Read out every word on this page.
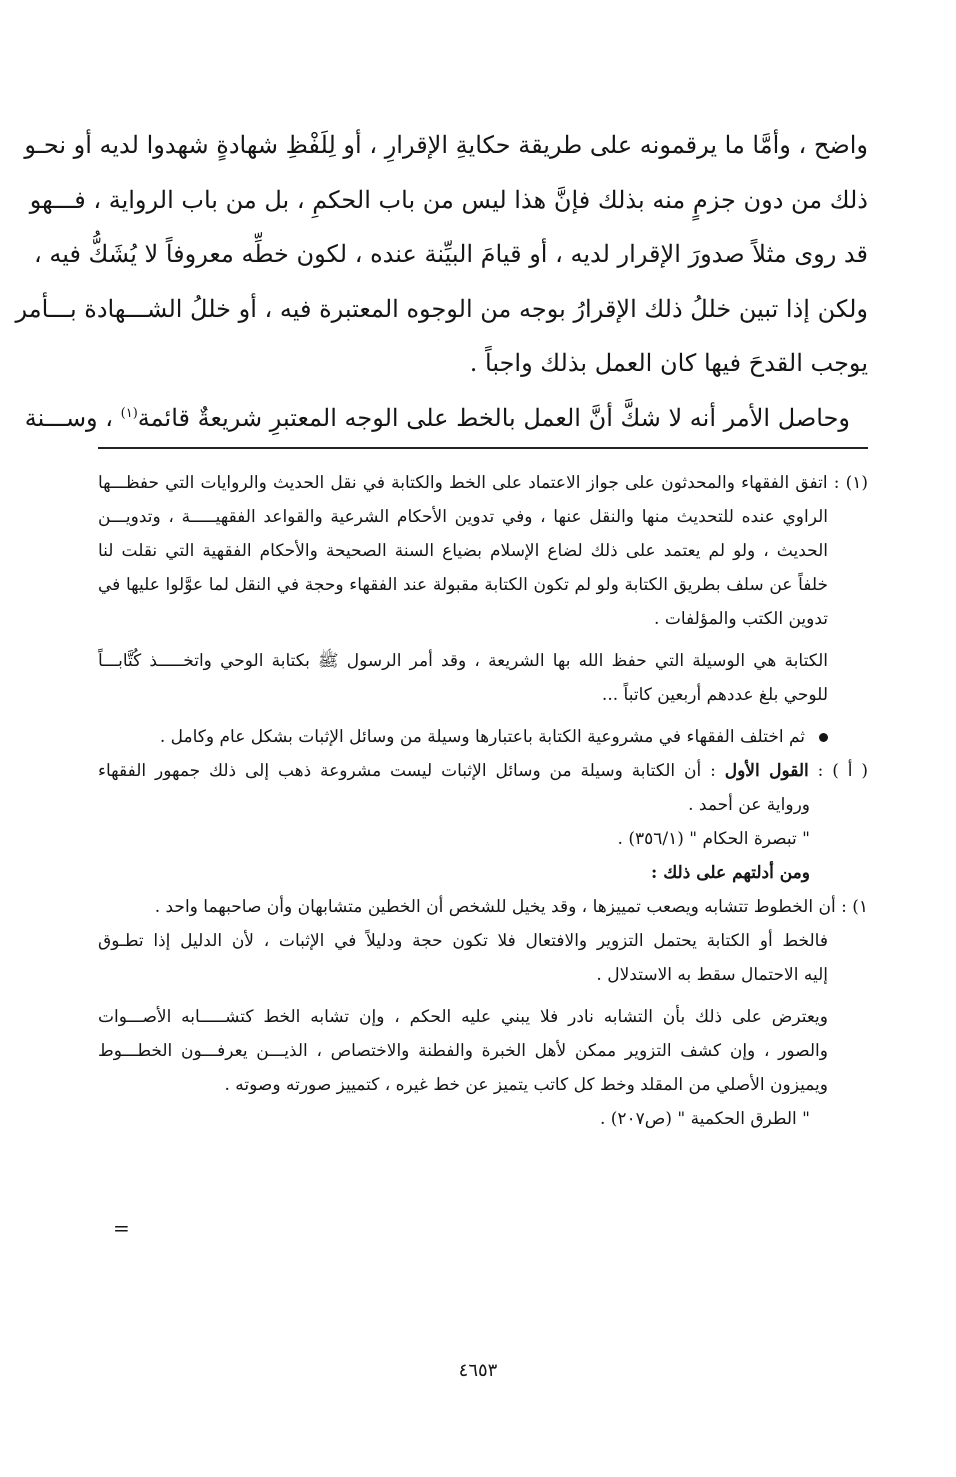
واضح ، وأمَّا ما يرقمونه على طريقة حكايةِ الإقرارِ ، أو لِلَفْظِ شهادةٍ شهدوا لديه أو نحـو
ذلك من دون جزمٍ منه بذلك فإنَّ هذا ليس من باب الحكمِ ، بل من باب الرواية ، فـــهو
قد روى مثلاً صدورَ الإقرار لديه ، أو قيامَ البيِّنة عنده ، لكون خطِّه معروفاً لا يُشَكُّ فيه ،
ولكن إذا تبين خللُ ذلك الإقرارُ بوجه من الوجوه المعتبرة فيه ، أو خللُ الشـــهادة بـــأمر
يوجب القدحَ فيها كان العمل بذلك واجباً .
وحاصل الأمر أنه لا شكَّ أنَّ العمل بالخط على الوجه المعتبرِ شريعةٌ قائمة$^{(١)}$ ، وســـنة
(١) : اتفق الفقهاء والمحدثون على جواز الاعتماد على الخط والكتابة في نقل الحديث والروايات التي حفظـــها
الراوي عنده للتحديث منها والنقل عنها ، وفي تدوين الأحكام الشرعية والقواعد الفقهيـــــة ، وتدويـــن
الحديث ، ولو لم يعتمد على ذلك لضاع الإسلام بضياع السنة الصحيحة والأحكام الفقهية التي نقلت لنا
خلفاً عن سلف بطريق الكتابة ولو لم تكون الكتابة مقبولة عند الفقهاء وحجة في النقل لما عوَّلوا عليها في
تدوين الكتب والمؤلفات .
الكتابة هي الوسيلة التي حفظ الله بها الشريعة ، وقد أمر الرسول ﷺ بكتابة الوحي واتخـــــذ كُتَّابـــاً
للوحي بلغ عددهم أربعين كاتباً ...
ثم اختلف الفقهاء في مشروعية الكتابة باعتبارها وسيلة من وسائل الإثبات بشكل عام وكامل .
( أ ) : القول الأول : أن الكتابة وسيلة من وسائل الإثبات ليست مشروعة ذهب إلى ذلك جمهور الفقهاء
ورواية عن أحمد .
" تبصرة الحكام " (٣٥٦/١) .
ومن أدلتهم على ذلك :
١) : أن الخطوط تتشابه ويصعب تمييزها ، وقد يخيل للشخص أن الخطين متشابهان وأن صاحبهما واحد .
فالخط أو الكتابة يحتمل التزوير والافتعال فلا تكون حجة ودليلاً في الإثبات ، لأن الدليل إذا تطـوق
إليه الاحتمال سقط به الاستدلال .
ويعترض على ذلك بأن التشابه نادر فلا يبني عليه الحكم ، وإن تشابه الخط كتشـــــابه الأصـــوات
والصور ، وإن كشف التزوير ممكن لأهل الخبرة والفطنة والاختصاص ، الذيـــن يعرفـــون الخطـــوط
ويميزون الأصلي من المقلد وخط كل كاتب يتميز عن خط غيره ، كتمييز صورته وصوته .
" الطرق الحكمية " (ص٢٠٧) .
=
٤٦٥٣
